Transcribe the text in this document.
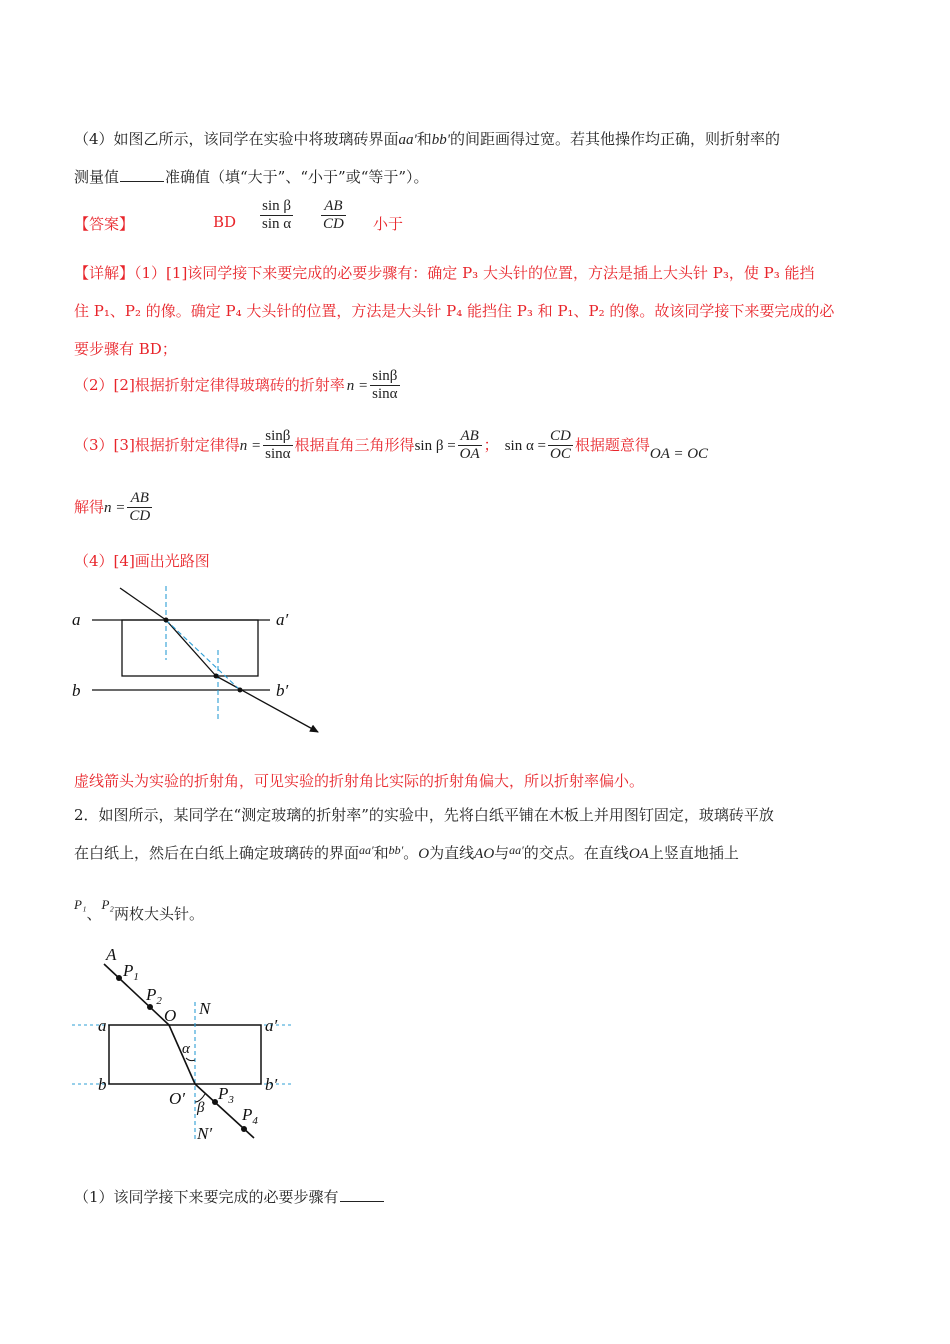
（4）如图乙所示，该同学在实验中将玻璃砖界面aa'和bb'的间距画得过宽。若其他操作均正确，则折射率的
测量值	准确值（填“大于”、“小于”或“等于”）。
【答案】	BD $\frac{\text{sin β}}{\text{sin α}} \frac{AB}{CD}$ 小于
【详解】（1）[1]该同学接下来要完成的必要步骤有：确定 P₃ 大头针的位置，方法是插上大头针 P₃，使 P₃ 能挡
住 P₁、P₂ 的像。确定 P₄ 大头针的位置，方法是大头针 P₄ 能挡住 P₃ 和 P₁、P₂ 的像。故该同学接下来要完成的必
要步骤有 BD；
（2）[2]根据折射定律得玻璃砖的折射率 $n = \frac{\sin\beta}{\sin\alpha}$
（3）[3]根据折射定律得$n = \frac{\sin\beta}{\sin\alpha}$ 根据直角三角形得$\sin \beta = \frac{AB}{OA}$ ； $\sin \alpha = \frac{CD}{OC}$ 根据题意得OA = OC
解得$n = \frac{AB}{CD}$
（4）[4]画出光路图
a	a′
b	b′
虚线箭头为实验的折射角，可见实验的折射角比实际的折射角偏大，所以折射率偏小。
2．如图所示，某同学在“测定玻璃的折射率”的实验中，先将白纸平铺在木板上并用图钉固定，玻璃砖平放
在白纸上，然后在白纸上确定玻璃砖的界面$^{aa'}$和$^{bb'}$。O为直线AO与$^{aa'}$的交点。在直线OA上竖直地插上
P₁、P₂两枚大头针。
A
$P_1$
$P_2$
O N
a	a′
b	b′
α
O′ $P_3$
β
N′
$P_4$
（1）该同学接下来要完成的必要步骤有
